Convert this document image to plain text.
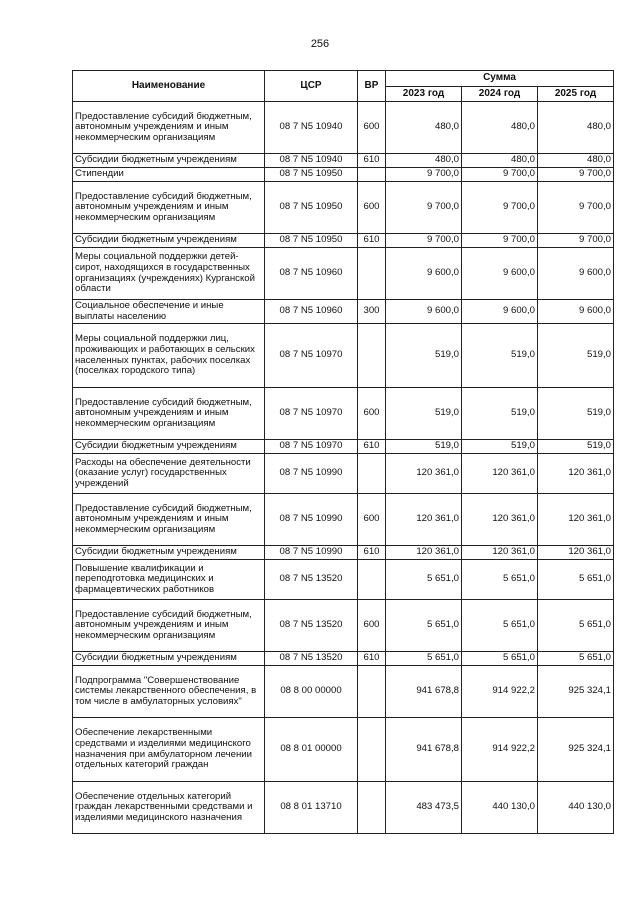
256
Наименование	ЦСР	ВР	Сумма		
			2023 год	2024 год	2025 год
Предоставление субсидий бюджетным, автономным учреждениям и иным некоммерческим организациям	08 7 N5 10940	600	480,0	480,0	480,0
Субсидии бюджетным учреждениям	08 7 N5 10940	610	480,0	480,0	480,0
Стипендии	08 7 N5 10950		9 700,0	9 700,0	9 700,0
Предоставление субсидий бюджетным, автономным учреждениям и иным некоммерческим организациям	08 7 N5 10950	600	9 700,0	9 700,0	9 700,0
Субсидии бюджетным учреждениям	08 7 N5 10950	610	9 700,0	9 700,0	9 700,0
Меры социальной поддержки детей-сирот, находящихся в государственных организациях (учреждениях) Курганской области	08 7 N5 10960		9 600,0	9 600,0	9 600,0
Социальное обеспечение и иные выплаты населению	08 7 N5 10960	300	9 600,0	9 600,0	9 600,0
Меры социальной поддержки лиц, проживающих и работающих в сельских населенных пунктах, рабочих поселках (поселках городского типа)	08 7 N5 10970		519,0	519,0	519,0
Предоставление субсидий бюджетным, автономным учреждениям и иным некоммерческим организациям	08 7 N5 10970	600	519,0	519,0	519,0
Субсидии бюджетным учреждениям	08 7 N5 10970	610	519,0	519,0	519,0
Расходы на обеспечение деятельности (оказание услуг) государственных учреждений	08 7 N5 10990		120 361,0	120 361,0	120 361,0
Предоставление субсидий бюджетным, автономным учреждениям и иным некоммерческим организациям	08 7 N5 10990	600	120 361,0	120 361,0	120 361,0
Субсидии бюджетным учреждениям	08 7 N5 10990	610	120 361,0	120 361,0	120 361,0
Повышение квалификации и переподготовка медицинских и фармацевтических работников	08 7 N5 13520		5 651,0	5 651,0	5 651,0
Предоставление субсидий бюджетным, автономным учреждениям и иным некоммерческим организациям	08 7 N5 13520	600	5 651,0	5 651,0	5 651,0
Субсидии бюджетным учреждениям	08 7 N5 13520	610	5 651,0	5 651,0	5 651,0
Подпрограмма "Совершенствование системы лекарственного обеспечения, в том числе в амбулаторных условиях"	08 8 00 00000		941 678,8	914 922,2	925 324,1
Обеспечение лекарственными средствами и изделиями медицинского назначения при амбулаторном лечении отдельных категорий граждан	08 8 01 00000		941 678,8	914 922,2	925 324,1
Обеспечение отдельных категорий граждан лекарственными средствами и изделиями медицинского назначения	08 8 01 13710		483 473,5	440 130,0	440 130,0
